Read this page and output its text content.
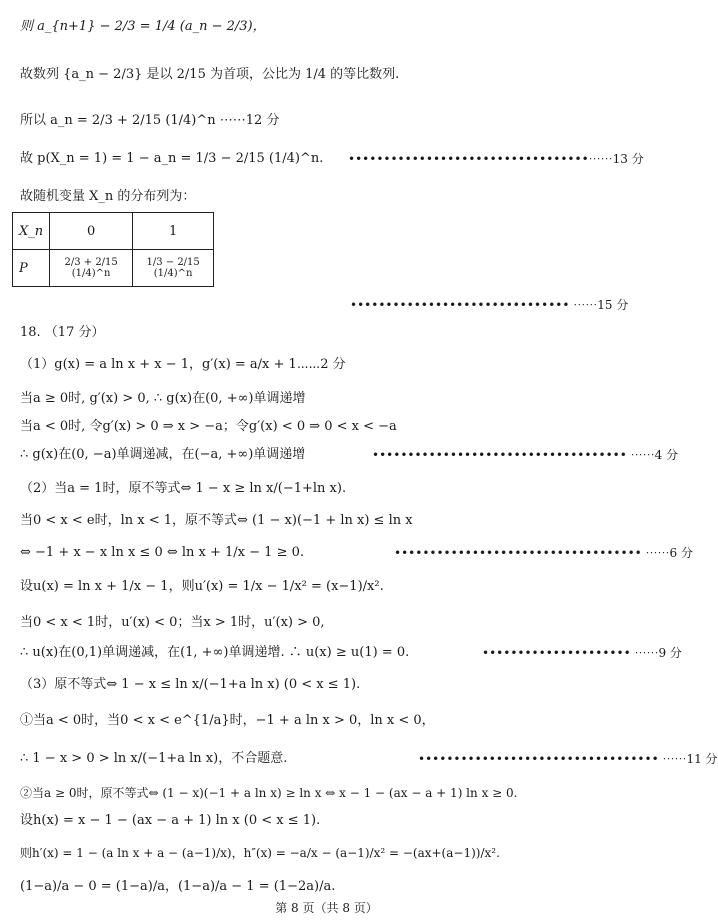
则 a_{n+1} − 2/3 = 1/4 (a_n − 2/3)，
故数列 {a_n − 2/3} 是以 2/15 为首项，公比为 1/4 的等比数列.
所以 a_n = 2/3 + 2/15 (1/4)^n ⋯⋯12 分
故 p(X_n = 1) = 1 − a_n = 1/3 − 2/15 (1/4)^n. ••••••••••••••••••••••••••••••••••⋯⋯13 分
故随机变量 X_n 的分布列为：
X_n	0	1
P	2/3 + 2/15 (1/4)^n	1/3 − 2/15 (1/4)^n
••••••••••••••••••••••••••••••• ⋯⋯15 分
18. （17 分）
（1）g(x) = a ln x + x − 1，g′(x) = a/x + 1⋯⋯2 分
当a ≥ 0时, g′(x) > 0, ∴ g(x)在(0, +∞)单调递增
当a < 0时, 令g′(x) > 0 ⇒ x > −a；令g′(x) < 0 ⇒ 0 < x < −a
∴ g(x)在(0, −a)单调递减，在(−a, +∞)单调递增	•••••••••••••••••••••••••••••••••••• ⋯⋯4 分
（2）当a = 1时，原不等式⇔ 1 − x ≥ ln x/(−1+ln x).
当0 < x < e时，ln x < 1，原不等式⇔ (1 − x)(−1 + ln x) ≤ ln x
⇔ −1 + x − x ln x ≤ 0 ⇔ ln x + 1/x − 1 ≥ 0.	••••••••••••••••••••••••••••••••••• ⋯⋯6 分
设u(x) = ln x + 1/x − 1，则u′(x) = 1/x − 1/x² = (x−1)/x².
当0 < x < 1时，u′(x) < 0；当x > 1时，u′(x) > 0,
∴ u(x)在(0,1)单调递减，在(1, +∞)单调递增. ∴ u(x) ≥ u(1) = 0.	••••••••••••••••••••• ⋯⋯9 分
（3）原不等式⇔ 1 − x ≤ ln x/(−1+a ln x) (0 < x ≤ 1).
①当a < 0时，当0 < x < e^{1/a}时，−1 + a ln x > 0，ln x < 0，
∴ 1 − x > 0 > ln x/(−1+a ln x)，不合题意.	•••••••••••••••••••••••••••••••••• ⋯⋯11 分
②当a ≥ 0时，原不等式⇔ (1 − x)(−1 + a ln x) ≥ ln x ⇔ x − 1 − (ax − a + 1) ln x ≥ 0.
设h(x) = x − 1 − (ax − a + 1) ln x (0 < x ≤ 1).
则h′(x) = 1 − (a ln x + a − (a−1)/x)，h″(x) = −a/x − (a−1)/x² = −(ax+(a−1))/x².
(1−a)/a − 0 = (1−a)/a，(1−a)/a − 1 = (1−2a)/a.
第 8 页（共 8 页）
